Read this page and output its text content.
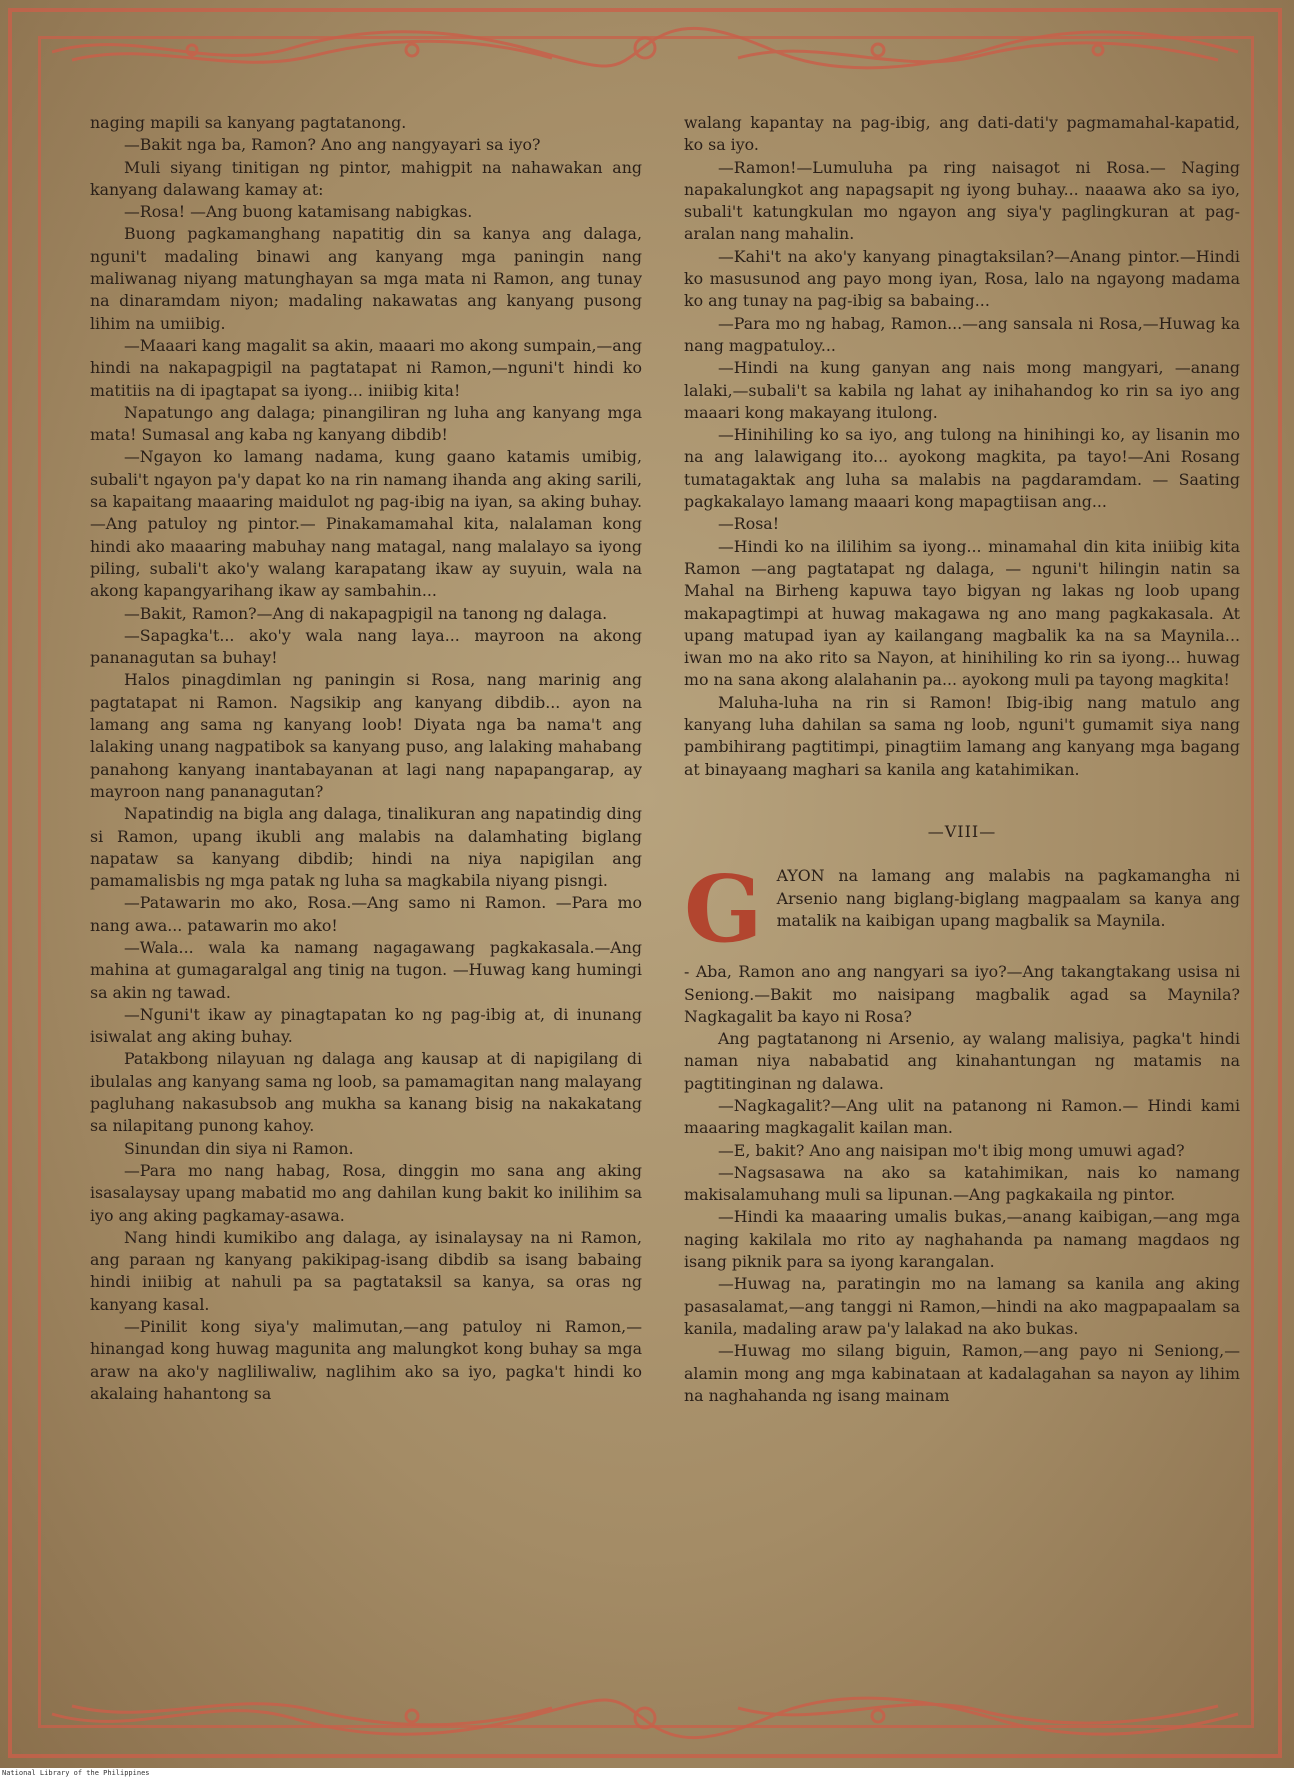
naging mapili sa kanyang pagtatanong.

—Bakit nga ba, Ramon? Ano ang nangyayari sa iyo?

Muli siyang tinitigan ng pintor, mahigpit na nahawakan ang kanyang dalawang kamay at:

—Rosa! —Ang buong katamisang nabigkas.

Buong pagkamanghang napatitig din sa kanya ang dalaga, nguni't madaling binawi ang kanyang mga paningin nang maliwanag niyang matunghayan sa mga mata ni Ramon, ang tunay na dinaramdam niyon; madaling nakawatas ang kanyang pusong lihim na umiibig.

—Maaari kang magalit sa akin, maaari mo akong sumpain,—ang hindi na nakapagpigil na pagtatapat ni Ramon,—nguni't hindi ko matitiis na di ipagtapat sa iyong... iniibig kita!

Napatungo ang dalaga; pinangiliran ng luha ang kanyang mga mata! Sumasal ang kaba ng kanyang dibdib!

—Ngayon ko lamang nadama, kung gaano katamis umibig, subali't ngayon pa'y dapat ko na rin namang ihanda ang aking sarili, sa kapaitang maaaring maidulot ng pag-ibig na iyan, sa aking buhay.—Ang patuloy ng pintor.— Pinakamamahal kita, nalalaman kong hindi ako maaaring mabuhay nang matagal, nang malalayo sa iyong piling, subali't ako'y walang karapatang ikaw ay suyuin, wala na akong kapangyarihang ikaw ay sambahin...

—Bakit, Ramon?—Ang di nakapagpigil na tanong ng dalaga.

—Sapagka't... ako'y wala nang laya... mayroon na akong pananagutan sa buhay!

Halos pinagdimlan ng paningin si Rosa, nang marinig ang pagtatapat ni Ramon. Nagsikip ang kanyang dibdib... ayon na lamang ang sama ng kanyang loob! Diyata nga ba nama't ang lalaking unang nagpatibok sa kanyang puso, ang lalaking mahabang panahong kanyang inantabayanan at lagi nang napapangarap, ay mayroon nang pananagutan?

Napatindig na bigla ang dalaga, tinalikuran ang napatindig ding si Ramon, upang ikubli ang malabis na dalamhating biglang napataw sa kanyang dibdib; hindi na niya napigilan ang pamamalisbis ng mga patak ng luha sa magkabila niyang pisngi.

—Patawarin mo ako, Rosa.—Ang samo ni Ramon. —Para mo nang awa... patawarin mo ako!

—Wala... wala ka namang nagagawang pagkakasala.—Ang mahina at gumagaralgal ang tinig na tugon. —Huwag kang humingi sa akin ng tawad.

—Nguni't ikaw ay pinagtapatan ko ng pag-ibig at, di inunang isiwalat ang aking buhay.

Patakbong nilayuan ng dalaga ang kausap at di napigilang di ibulalas ang kanyang sama ng loob, sa pamamagitan nang malayang pagluhang nakasubsob ang mukha sa kanang bisig na nakakatang sa nilapitang punong kahoy.

Sinundan din siya ni Ramon.

—Para mo nang habag, Rosa, dinggin mo sana ang aking isasalaysay upang mabatid mo ang dahilan kung bakit ko inilihim sa iyo ang aking pagkamay-asawa.

Nang hindi kumikibo ang dalaga, ay isinalaysay na ni Ramon, ang paraan ng kanyang pakikipag-isang dibdib sa isang babaing hindi iniibig at nahuli pa sa pagtataksil sa kanya, sa oras ng kanyang kasal.

—Pinilit kong siya'y malimutan,—ang patuloy ni Ramon,—hinangad kong huwag magunita ang malungkot kong buhay sa mga araw na ako'y nagliliwaliw, naglihim ako sa iyo, pagka't hindi ko akalaing hahantong sa

walang kapantay na pag-ibig, ang dati-dati'y pagmamahal-kapatid, ko sa iyo.

—Ramon!—Lumuluha pa ring naisagot ni Rosa.— Naging napakalungkot ang napagsapit ng iyong buhay... naaawa ako sa iyo, subali't katungkulan mo ngayon ang siya'y paglingkuran at pag-aralan nang mahalin.

—Kahi't na ako'y kanyang pinagtaksilan?—Anang pintor.—Hindi ko masusunod ang payo mong iyan, Rosa, lalo na ngayong madama ko ang tunay na pag-ibig sa babaing...

—Para mo ng habag, Ramon...—ang sansala ni Rosa,—Huwag ka nang magpatuloy...

—Hindi na kung ganyan ang nais mong mangyari, —anang lalaki,—subali't sa kabila ng lahat ay inihahandog ko rin sa iyo ang maaari kong makayang itulong.

—Hinihiling ko sa iyo, ang tulong na hinihingi ko, ay lisanin mo na ang lalawigang ito... ayokong magkita, pa tayo!—Ani Rosang tumatagaktak ang luha sa malabis na pagdaramdam. — Saating pagkakalayo lamang maaari kong mapagtiisan ang...

—Rosa!

—Hindi ko na ililihim sa iyong... minamahal din kita iniibig kita Ramon —ang pagtatapat ng dalaga, — nguni't hilingin natin sa Mahal na Birheng kapuwa tayo bigyan ng lakas ng loob upang makapagtimpi at huwag makagawa ng ano mang pagkakasala. At upang matupad iyan ay kailangang magbalik ka na sa Maynila... iwan mo na ako rito sa Nayon, at hinihiling ko rin sa iyong... huwag mo na sana akong alalahanin pa... ayokong muli pa tayong magkita!

Maluha-luha na rin si Ramon! Ibig-ibig nang matulo ang kanyang luha dahilan sa sama ng loob, nguni't gumamit siya nang pambihirang pagtitimpi, pinagtiim lamang ang kanyang mga bagang at binayaang maghari sa kanila ang katahimikan.

—VIII—
G AYON na lamang ang malabis na pagkamangha ni Arsenio nang biglang-biglang magpaalam sa kanya ang matalik na kaibigan upang magbalik sa Maynila.

- Aba, Ramon ano ang nangyari sa iyo?—Ang takangtakang usisa ni Seniong.—Bakit mo naisipang magbalik agad sa Maynila? Nagkagalit ba kayo ni Rosa?

Ang pagtatanong ni Arsenio, ay walang malisiya, pagka't hindi naman niya nababatid ang kinahantungan ng matamis na pagtitinginan ng dalawa.

—Nagkagalit?—Ang ulit na patanong ni Ramon.— Hindi kami maaaring magkagalit kailan man.

—E, bakit? Ano ang naisipan mo't ibig mong umuwi agad?

—Nagsasawa na ako sa katahimikan, nais ko namang makisalamuhang muli sa lipunan.—Ang pagkakaila ng pintor.

—Hindi ka maaaring umalis bukas,—anang kaibigan,—ang mga naging kakilala mo rito ay naghahanda pa namang magdaos ng isang piknik para sa iyong karangalan.

—Huwag na, paratingin mo na lamang sa kanila ang aking pasasalamat,—ang tanggi ni Ramon,—hindi na ako magpapaalam sa kanila, madaling araw pa'y lalakad na ako bukas.

—Huwag mo silang biguin, Ramon,—ang payo ni Seniong,—alamin mong ang mga kabinataan at kadalagahan sa nayon ay lihim na naghahanda ng isang mainam

National Library of the Philippines
